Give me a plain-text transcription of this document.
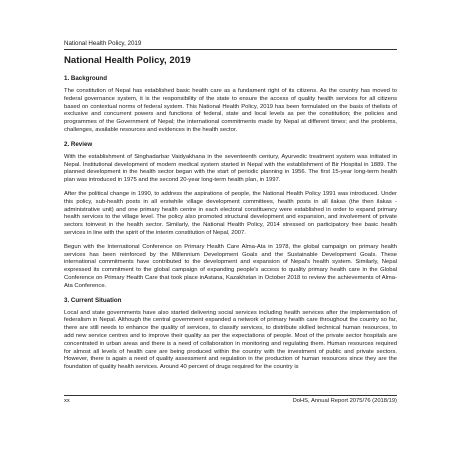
National Health Policy, 2019
National Health Policy, 2019
1. Background

The constitution of Nepal has established basic health care as a fundament right of its citizens. As the country has moved to federal governance system, it is the responsibility of the state to ensure the access of quality health services for all citizens based on contextual norms of federal system. This National Health Policy, 2019 has been formulated on the basis of thelists of exclusive and concurrent powers and functions of federal, state and local levels as per the constitution; the policies and programmes of the Government of Nepal; the international commitments made by Nepal at different times; and the problems, challenges, available resources and evidences in the health sector.

2. Review

With the establishment of Singhadarbar Vaidyakhana in the seventeenth century, Ayurvedic treatment system was initiated in Nepal. Institutional development of modern medical system started in Nepal with the establishment of Bir Hospital in 1889. The planned development in the health sector began with the start of periodic planning in 1956. The first 15-year long-term health plan was introduced in 1975 and the second 20-year long-term health plan, in 1997.

After the political change in 1990, to address the aspirations of people, the National Health Policy 1991 was introduced. Under this policy, sub-health posts in all erstwhile village development committees, health posts in all ilakas (the then ilakas - administrative unit) and one primary health centre in each electoral constituency were established in order to expand primary health services to the village level. The policy also promoted structural development and expansion, and involvement of private sectors toinvest in the health sector. Similarly, the National Health Policy, 2014 stressed on participatory free basic health services in line with the spirit of the interim constitution of Nepal, 2007.

Begun with the International Conference on Primary Health Care Alma-Ata in 1978, the global campaign on primary health services has been reinforced by the Millennium Development Goals and the Sustainable Development Goals. These international commitments have contributed to the development and expansion of Nepal's health system. Similarly, Nepal expressed its commitment to the global campaign of expanding people's access to quality primary health care in the Global Conference on Primary Health Care that took place inAstana, Kazakhstan in October 2018 to review the achievements of Alma-Ata Conference.

3. Current Situation

Local and state governments have also started delivering social services including health services after the implementation of federalism in Nepal. Although the central government expanded a network of primary health care throughout the country so far, there are still needs to enhance the quality of services, to classify services, to distribute skilled technical human resources, to add new service centres and to improve their quality as per the expectations of people. Most of the private sector hospitals are concentrated in urban areas and there is a need of collaboration in monitoring and regulating them. Human resources required for almost all levels of health care are being produced within the country with the investment of public and private sectors. However, there is again a need of quality assessment and regulation in the production of human resources since they are the foundation of quality health services. Around 40 percent of drugs required for the country is

xx	DoHS, Annual Report 2075/76 (2018/19)
